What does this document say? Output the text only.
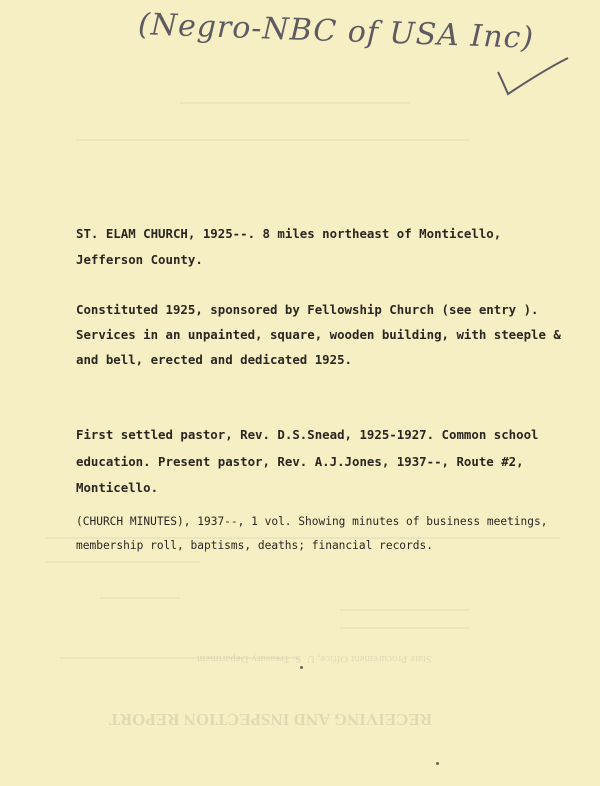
RECEIVING AND INSPECTION REPORT
State Procurement Office, U. S. Treasury Department
(Negro-NBC of USA Inc)
ST. ELAM CHURCH, 1925--. 8 miles northeast of Monticello,
Jefferson County.
Constituted 1925, sponsored by Fellowship Church (see entry ).
Services in an unpainted, square, wooden building, with steeple &
and bell, erected and dedicated 1925.
First settled pastor, Rev. D.S.Snead, 1925-1927. Common school
education. Present pastor, Rev. A.J.Jones, 1937--, Route #2,
Monticello.
(CHURCH MINUTES), 1937--, 1 vol. Showing minutes of business meetings,
membership roll, baptisms, deaths; financial records.
